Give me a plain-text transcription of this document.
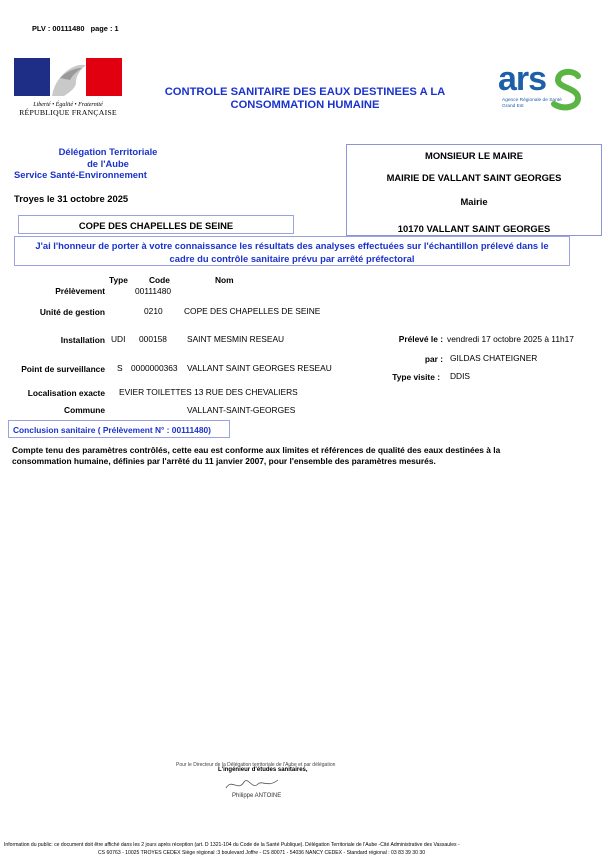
PLV : 00111480 page : 1
Liberté • Égalité • Fraternité
RÉPUBLIQUE FRANÇAISE
CONTROLE SANITAIRE DES EAUX DESTINEES A LA
CONSOMMATION HUMAINE
ars
Agence Régionale de Santé
Grand Est
Délégation Territoriale
de l'Aube
Service Santé-Environnement
Troyes le 31 octobre 2025
MONSIEUR LE MAIRE
MAIRIE DE VALLANT SAINT GEORGES
Mairie
10170 VALLANT SAINT GEORGES
COPE DES CHAPELLES DE SEINE
J'ai l'honneur de porter à votre connaissance les résultats des analyses effectuées sur l'échantillon prélevé dans le
cadre du contrôle sanitaire prévu par arrêté préfectoral
Type	Code	Nom
Prélèvement	00111480
Unité de gestion	0210	COPE DES CHAPELLES DE SEINE
Installation UDI 000158 SAINT MESMIN RESEAU
Point de surveillance S 0000000363 VALLANT SAINT GEORGES RESEAU
Localisation exacte EVIER TOILETTES 13 RUE DES CHEVALIERS
Commune	VALLANT-SAINT-GEORGES
Prélevé le : vendredi 17 octobre 2025 à 11h17
par : GILDAS CHATEIGNER
Type visite : DDIS
Conclusion sanitaire ( Prélèvement N° : 00111480)
Compte tenu des paramètres contrôlés, cette eau est conforme aux limites et références de qualité des eaux destinées à la
consommation humaine, définies par l'arrêté du 11 janvier 2007, pour l'ensemble des paramètres mesurés.
Pour le Directeur de la Délégation territoriale de l'Aube et par délégation
L'ingénieur d'études sanitaires,
Philippe ANTOINE
Information du public: ce document doit être affiché dans les 2 jours après réception (art. D 1321-104 du Code de la Santé Publique). Délégation Territoriale de l'Aube -Cité Administrative des Vassaules -
CS 60763 - 10025 TROYES CEDEX Siège régional :3 boulevard Joffre - CS 80071 - 54036 NANCY CEDEX - Standard régional : 03 83 39 30 30
